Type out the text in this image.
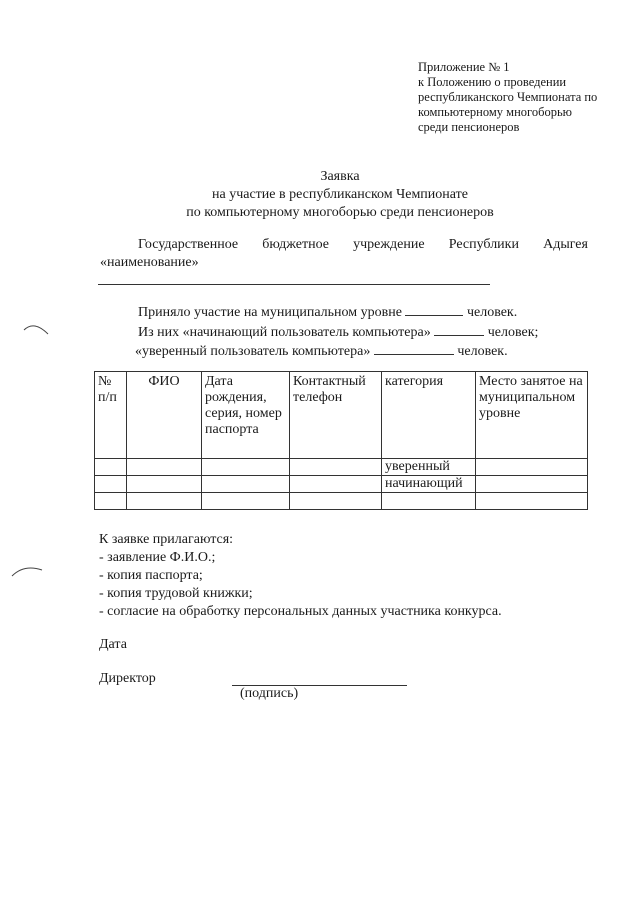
Приложение № 1
к Положению о проведении
республиканского Чемпионата по
компьютерному многоборью
среди пенсионеров
Заявка
на участие в республиканском Чемпионате
по компьютерному многоборью среди пенсионеров
Государственное бюджетное учреждение Республики Адыгея
«наименование»
Приняло участие на муниципальном уровне	человек.
Из них «начинающий пользователь компьютера»	человек;
«уверенный пользователь компьютера»	человек.
№ п/п	ФИО	Дата рождения, серия, номер паспорта	Контактный телефон	категория	Место занятое на муниципальном уровне
				уверенный	
				начинающий	

К заявке прилагаются:
- заявление Ф.И.О.;
- копия паспорта;
- копия трудовой книжки;
- согласие на обработку персональных данных участника конкурса.
Дата
Директор
(подпись)
